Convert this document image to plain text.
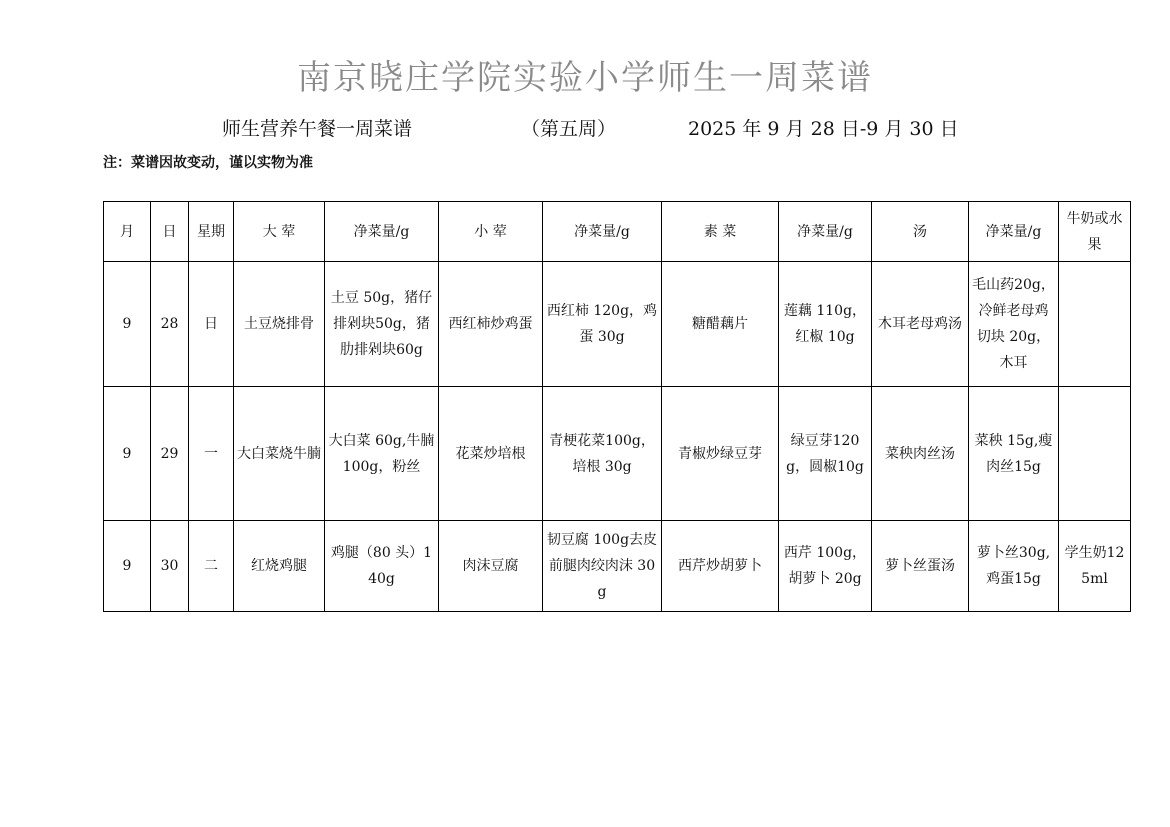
南京晓庄学院实验小学师生一周菜谱
师生营养午餐一周菜谱	（第五周）	2025 年 9 月 28 日-9 月 30 日
注：菜谱因故变动，谨以实物为准
月	日	星期	大 荤	净菜量/g	小 荤	净菜量/g	素 菜	净菜量/g	汤	净菜量/g	牛奶或水果
9	28	日	土豆烧排骨	土豆 50g，猪仔排剁块50g，猪肋排剁块60g	西红柿炒鸡蛋	西红柿 120g，鸡蛋 30g	糖醋藕片	莲藕 110g，红椒 10g	木耳老母鸡汤	毛山药20g，冷鲜老母鸡切块 20g，木耳	
9	29	一	大白菜烧牛腩	大白菜 60g,牛腩 100g，粉丝	花菜炒培根	青梗花菜100g，培根 30g	青椒炒绿豆芽	绿豆芽120g，圆椒10g	菜秧肉丝汤	菜秧 15g,瘦肉丝15g	
9	30	二	红烧鸡腿	鸡腿（80 头）140g	肉沫豆腐	韧豆腐 100g去皮前腿肉绞肉沫 30g	西芹炒胡萝卜	西芹 100g，胡萝卜 20g	萝卜丝蛋汤	萝卜丝30g,鸡蛋15g	学生奶125ml
